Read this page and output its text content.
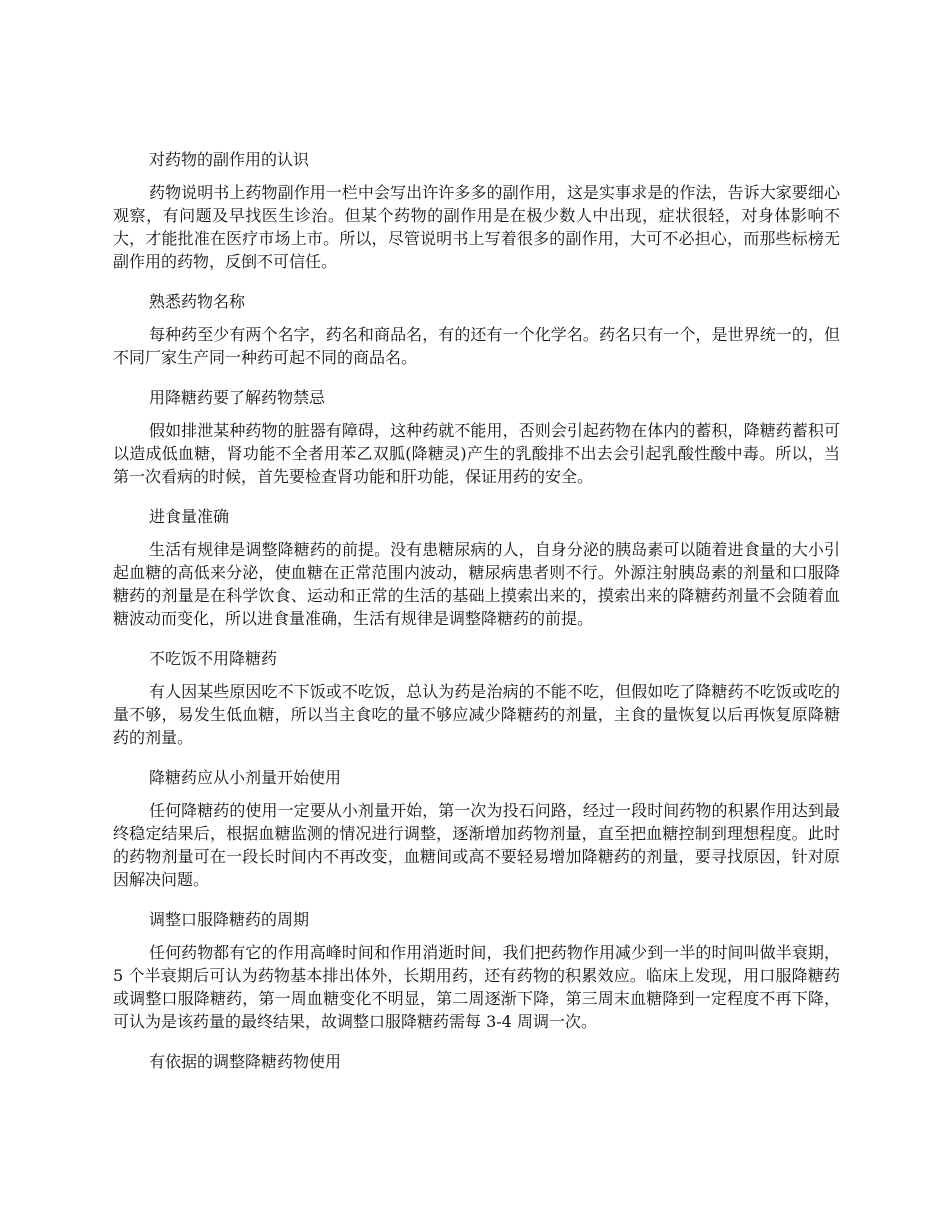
对药物的副作用的认识

药物说明书上药物副作用一栏中会写出许许多多的副作用，这是实事求是的作法，告诉大家要细心观察，有问题及早找医生诊治。但某个药物的副作用是在极少数人中出现，症状很轻，对身体影响不大，才能批准在医疗市场上市。所以，尽管说明书上写着很多的副作用，大可不必担心，而那些标榜无副作用的药物，反倒不可信任。

熟悉药物名称

每种药至少有两个名字，药名和商品名，有的还有一个化学名。药名只有一个，是世界统一的，但不同厂家生产同一种药可起不同的商品名。

用降糖药要了解药物禁忌

假如排泄某种药物的脏器有障碍，这种药就不能用，否则会引起药物在体内的蓄积，降糖药蓄积可以造成低血糖，肾功能不全者用苯乙双胍(降糖灵)产生的乳酸排不出去会引起乳酸性酸中毒。所以，当第一次看病的时候，首先要检查肾功能和肝功能，保证用药的安全。

进食量准确

生活有规律是调整降糖药的前提。没有患糖尿病的人，自身分泌的胰岛素可以随着进食量的大小引起血糖的高低来分泌，使血糖在正常范围内波动，糖尿病患者则不行。外源注射胰岛素的剂量和口服降糖药的剂量是在科学饮食、运动和正常的生活的基础上摸索出来的，摸索出来的降糖药剂量不会随着血糖波动而变化，所以进食量准确，生活有规律是调整降糖药的前提。

不吃饭不用降糖药

有人因某些原因吃不下饭或不吃饭，总认为药是治病的不能不吃，但假如吃了降糖药不吃饭或吃的量不够，易发生低血糖，所以当主食吃的量不够应减少降糖药的剂量，主食的量恢复以后再恢复原降糖药的剂量。

降糖药应从小剂量开始使用

任何降糖药的使用一定要从小剂量开始，第一次为投石问路，经过一段时间药物的积累作用达到最终稳定结果后，根据血糖监测的情况进行调整，逐渐增加药物剂量，直至把血糖控制到理想程度。此时的药物剂量可在一段长时间内不再改变，血糖间或高不要轻易增加降糖药的剂量，要寻找原因，针对原因解决问题。

调整口服降糖药的周期

任何药物都有它的作用高峰时间和作用消逝时间，我们把药物作用减少到一半的时间叫做半衰期，5 个半衰期后可认为药物基本排出体外，长期用药，还有药物的积累效应。临床上发现，用口服降糖药或调整口服降糖药，第一周血糖变化不明显，第二周逐渐下降，第三周末血糖降到一定程度不再下降，可认为是该药量的最终结果，故调整口服降糖药需每 3-4 周调一次。

有依据的调整降糖药物使用
